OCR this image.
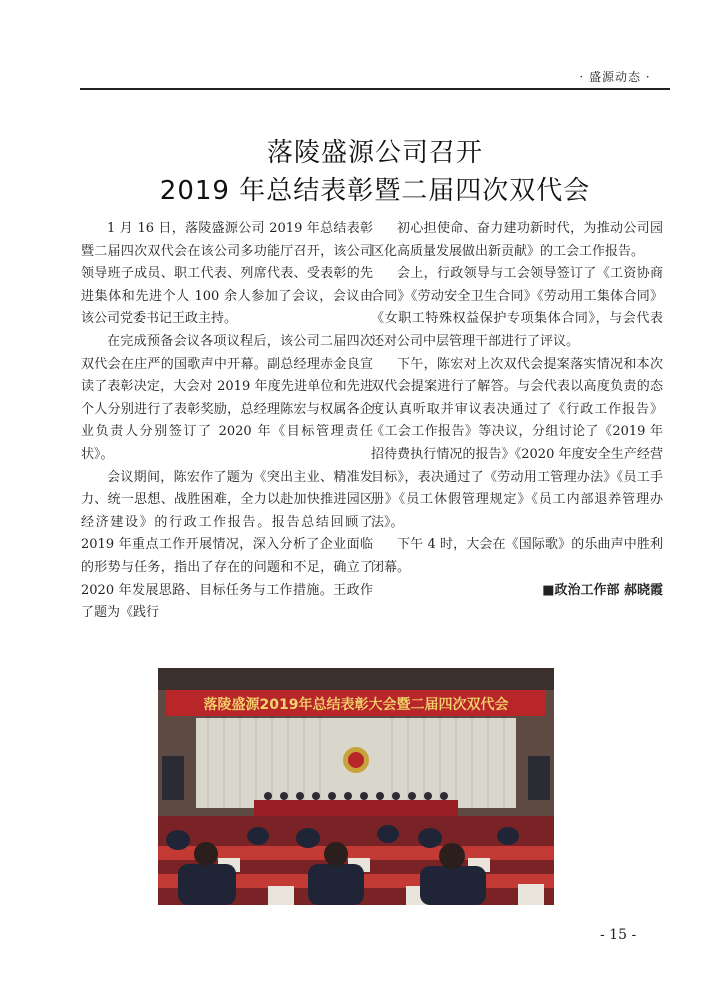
· 盛源动态 ·
落陵盛源公司召开
2019 年总结表彰暨二届四次双代会

1 月 16 日，落陵盛源公司 2019 年总结表彰暨二届四次双代会在该公司多功能厅召开，该公司领导班子成员、职工代表、列席代表、受表彰的先进集体和先进个人 100 余人参加了会议，会议由该公司党委书记王政主持。

在完成预备会议各项议程后，该公司二届四次双代会在庄严的国歌声中开幕。副总经理赤金良宣读了表彰决定，大会对 2019 年度先进单位和先进个人分别进行了表彰奖励，总经理陈宏与权属各企业负责人分别签订了 2020 年《目标管理责任状》。

会议期间，陈宏作了题为《突出主业、精准发力、统一思想、战胜困难，全力以赴加快推进园区经济建设》的行政工作报告。报告总结回顾了 2019 年重点工作开展情况，深入分析了企业面临的形势与任务，指出了存在的问题和不足，确立了 2020 年发展思路、目标任务与工作措施。王政作了题为《践行

初心担使命、奋力建功新时代，为推动公司园区化高质量发展做出新贡献》的工会工作报告。

会上，行政领导与工会领导签订了《工资协商合同》《劳动安全卫生合同》《劳动用工集体合同》《女职工特殊权益保护专项集体合同》，与会代表还对公司中层管理干部进行了评议。

下午，陈宏对上次双代会提案落实情况和本次双代会提案进行了解答。与会代表以高度负责的态度认真听取并审议表决通过了《行政工作报告》《工会工作报告》等决议，分组讨论了《2019 年招待费执行情况的报告》《2020 年度安全生产经营目标》，表决通过了《劳动用工管理办法》《员工手册》《员工休假管理规定》《员工内部退养管理办法》。

下午 4 时，大会在《国际歌》的乐曲声中胜利闭幕。

■政治工作部 郝晓霞

落陵盛源2019年总结表彰大会暨二届四次双代会
- 15 -
